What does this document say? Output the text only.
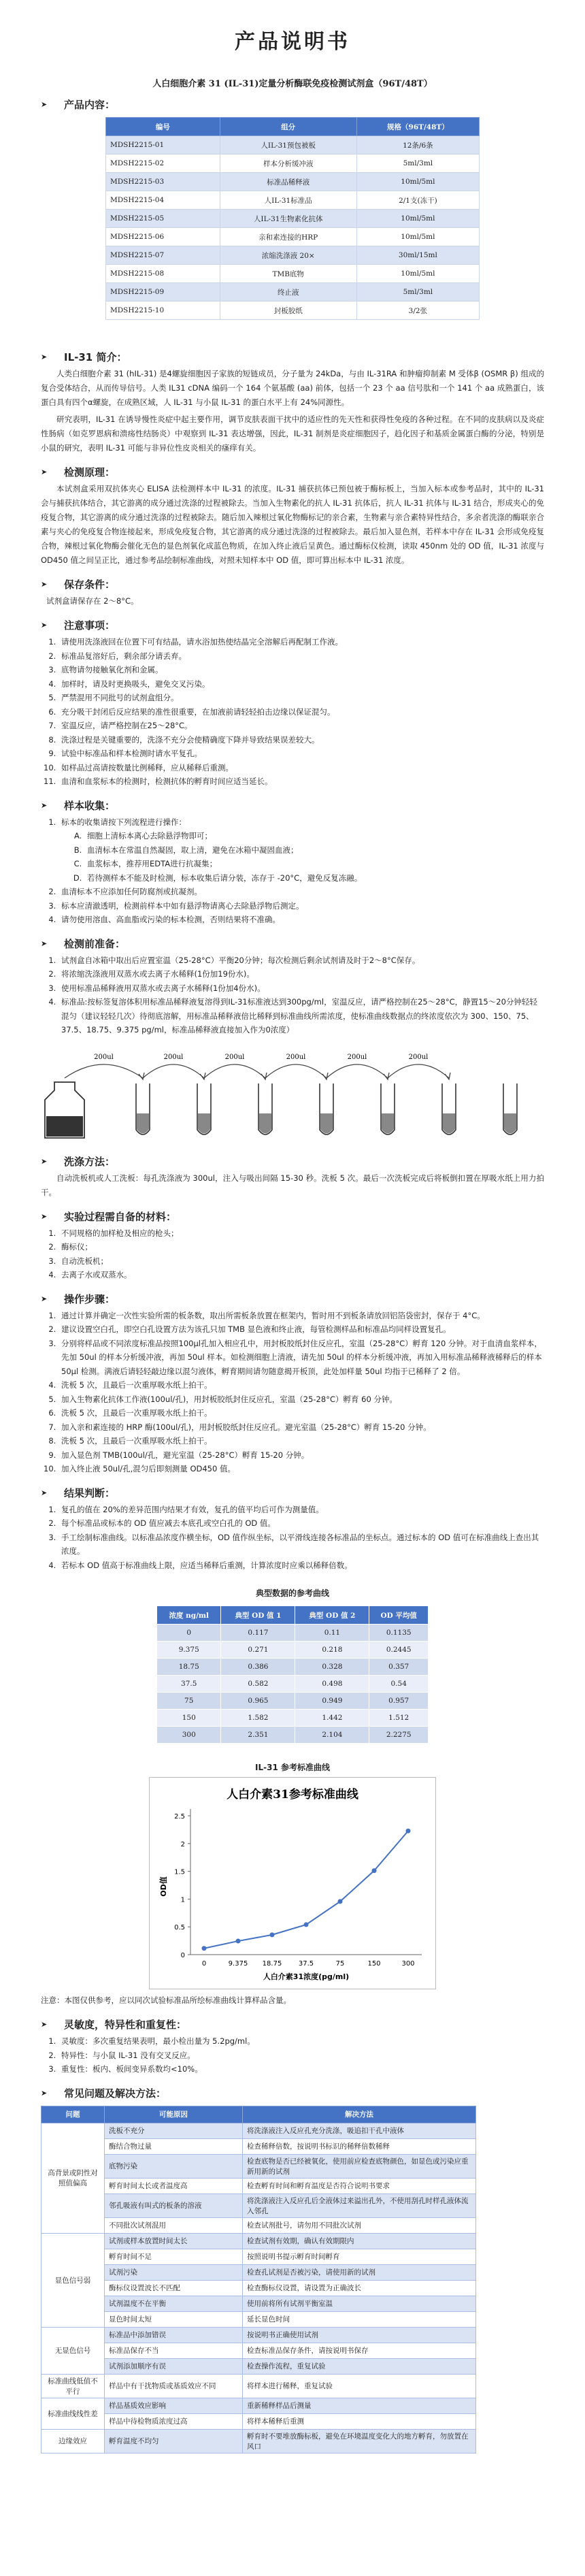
产品说明书
人白细胞介素 31 (IL-31)定量分析酶联免疫检测试剂盒（96T/48T）
➤	产品内容：
编号	组分	规格（96T/48T）
MDSH2215-01	人IL-31预包被板	12条/6条
MDSH2215-02	样本分析缓冲液	5ml/3ml
MDSH2215-03	标准品稀释液	10ml/5ml
MDSH2215-04	人IL-31标准品	2/1支(冻干)
MDSH2215-05	人IL-31生物素化抗体	10ml/5ml
MDSH2215-06	亲和素连接的HRP	10ml/5ml
MDSH2215-07	浓缩洗涤液 20×	30ml/15ml
MDSH2215-08	TMB底物	10ml/5ml
MDSH2215-09	终止液	5ml/3ml
MDSH2215-10	封板胶纸	3/2张
➤	IL-31 简介：

人类白细胞介素 31 (hIL-31) 是4螺旋细胞因子家族的短链成员，分子量为 24kDa，与由 IL-31RA 和肿瘤抑制素 M 受体β (OSMR β) 组成的复合受体结合，从而传导信号。人类 IL31 cDNA 编码一个 164 个氨基酸 (aa) 前体，包括一个 23 个 aa 信号肽和一个 141 个 aa 成熟蛋白，该蛋白具有四个α螺旋，在成熟区域，人 IL-31 与小鼠 IL-31 的蛋白水平上有 24%同源性。

研究表明，IL-31 在诱导慢性炎症中起主要作用，调节皮肤表面干扰中的适应性的先天性和获得性免疫的各种过程。在不同的皮肤病以及炎症性肠病（如克罗恩病和溃疡性结肠炎）中观察到 IL-31 表达增强，因此，IL-31 制剂是炎症细胞因子，趋化因子和基质金属蛋白酶的分泌，特别是小鼠的研究，表明 IL-31 可能与非异位性皮炎相关的瘙痒有关。

➤	检测原理：

本试剂盒采用双抗体夹心 ELISA 法检测样本中 IL-31 的浓度。IL-31 捕获抗体已预包被于酶标板上，当加入标本或参考品时，其中的 IL-31 会与捕获抗体结合，其它游离的成分通过洗涤的过程被除去。当加入生物素化的抗人 IL-31 抗体后，抗人 IL-31 抗体与 IL-31 结合，形成夹心的免疫复合物，其它游离的成分通过洗涤的过程被除去。随后加入辣根过氧化物酶标记的亲合素，生物素与亲合素特异性结合，多余者洗涤的酶联亲合素与夹心的免疫复合物连接起来，形成免疫复合物，其它游离的成分通过洗涤的过程被除去。最后加入显色剂，若样本中存在 IL-31 会形成免疫复合物，辣根过氧化物酶会催化无色的显色剂氧化成蓝色物质，在加入终止液后呈黄色。通过酶标仪检测，读取 450nm 处的 OD 值，IL-31 浓度与 OD450 值之间呈正比，通过参考品绘制标准曲线，对照未知样本中 OD 值，即可算出标本中 IL-31 浓度。

➤	保存条件：

试剂盒请保存在 2～8°C。

➤	注意事项：
1. 请使用洗涤液回在位置下可有结晶，请水浴加热使结晶完全溶解后再配制工作液。
2. 标准品复溶好后，剩余部分请丢弃。
3. 底物请勿接触氧化剂和金属。
4. 加样时，请及时更换吸头，避免交叉污染。
5. 严禁混用不同批号的试剂盒组分。
6. 充分吸干封闭后反应结果的准性很重要，在加液前请轻轻拍击边缘以保证混匀。
7. 室温反应，请严格控制在25～28°C。
8. 洗涤过程是关键重要的，洗涤不充分会使精确度下降并导致结果误差较大。
9. 试验中标准品和样本检测时请水平复孔。
10. 如样品过高请按数量比例稀释，应从稀释后重测。
11. 血清和血浆标本的检测时，检测抗体的孵育时间应适当延长。
➤	样本收集：
1. 标本的收集请按下列流程进行操作：
A. 细胞上清标本离心去除悬浮物即可；
B. 血清标本在常温自然凝固，取上清，避免在冰箱中凝固血液；
C. 血浆标本，推荐用EDTA进行抗凝集；
D. 若待测样本不能及时检测，标本收集后请分装，冻存于 -20°C，避免反复冻融。
2. 血清标本不应添加任何防腐剂或抗凝剂。
3. 标本应清澈透明，检测前样本中如有悬浮物请离心去除悬浮物后测定。
4. 请勿使用溶血、高血脂或污染的标本检测，否则结果将不准确。
➤	检测前准备：
1. 试剂盒自冰箱中取出后应置室温（25-28°C）平衡20分钟；每次检测后剩余试剂请及时于2～8°C保存。
2. 将浓缩洗涤液用双蒸水或去离子水稀释(1份加19份水)。
3. 使用标准品稀释液用双蒸水或去离子水稀释(1份加4份水)。
4. 标准品:按标签复溶体积用标准品稀释液复溶得到IL-31标准液达到300pg/ml，室温反应，请严格控制在25～28°C，静置15～20分钟轻轻混匀（建议轻轻几次）待彻底溶解，用标准品稀释液倍比稀释到标准曲线所需浓度，使标准曲线数据点的终浓度依次为 300、150、75、37.5、18.75、9.375 pg/ml，标准品稀释液直接加入作为0浓度）
200ul	200ul	200ul	200ul	200ul	200ul
➤	洗涤方法：

自动洗板机或人工洗板：每孔洗涤液为 300ul，注入与吸出间隔 15-30 秒。洗板 5 次。最后一次洗板完成后将板倒扣置在厚吸水纸上用力拍干。

➤	实验过程需自备的材料：
1. 不同规格的加样枪及相应的枪头；
2. 酶标仪；
3. 自动洗板机；
4. 去离子水或双蒸水。
➤	操作步骤：
1. 通过计算并确定一次性实验所需的板条数，取出所需板条放置在框架内，暂时用不到板条请放回铝箔袋密封，保存于 4°C。
2. 建议设置空白孔，即空白孔设置方法为该孔只加 TMB 显色液和终止液，每管检测样品和标准品均同样设置复孔。
3. 分别将样品或不同浓度标准品按照100μl孔加入相应孔中，用封板胶纸封住反应孔，室温（25-28°C）孵育 120 分钟。对于血清血浆样本，先加 50ul 的样本分析缓冲液，再加 50ul 样本。如检测细胞上清液，请先加 50ul 的样本分析缓冲液，再加入用标准品稀释液稀释后的样本 50μl 检测。满液后请轻轻敲边缘以混匀液体，孵育期间请勿随意揭开板顶，此处加样量 50ul 均指于已稀释了 2 倍。
4. 洗板 5 次，且最后一次重厚吸水纸上拍干。
5. 加入生物素化抗体工作液(100ul/孔)，用封板胶纸封住反应孔，室温（25-28°C）孵育 60 分钟。
6. 洗板 5 次，且最后一次重厚吸水纸上拍干。
7. 加入亲和素连接的 HRP 酶(100ul/孔)，用封板胶纸封住反应孔。避光室温（25-28°C）孵育 15-20 分钟。
8. 洗板 5 次，且最后一次重厚吸水纸上拍干。
9. 加入显色剂 TMB(100ul/孔，避光室温（25-28°C）孵育 15-20 分钟。
10. 加入终止液 50ul/孔,混匀后即刻测量 OD450 值。
➤	结果判断：
1. 复孔的值在 20%的差异范围内结果才有效，复孔的值平均后可作为测量值。
2. 每个标准品或标本的 OD 值应减去本底孔或空白孔的 OD 值。
3. 手工绘制标准曲线。以标准品浓度作横坐标，OD 值作纵坐标，以平滑线连接各标准品的坐标点。通过标本的 OD 值可在标准曲线上查出其浓度。
4. 若标本 OD 值高于标准曲线上限，应适当稀释后重测，计算浓度时应乘以稀释倍数。
典型数据的参考曲线
浓度 ng/ml	典型 OD 值 1	典型 OD 值 2	OD 平均值
0	0.117	0.11	0.1135
9.375	0.271	0.218	0.2445
18.75	0.386	0.328	0.357
37.5	0.582	0.498	0.54
75	0.965	0.949	0.957
150	1.582	1.442	1.512
300	2.351	2.104	2.2275
IL-31 参考标准曲线
人白介素31参考标准曲线
0
0.5
1
1.5
2
2.5
0	9.375 18.75 37.5	75	150	300
人白介素31浓度(pg/ml)
OD值

注意：本图仅供参考，应以同次试验标准品所绘标准曲线计算样品含量。

➤	灵敏度，特异性和重复性：
1. 灵敏度：多次重复结果表明，最小检出量为 5.2pg/ml。
2. 特异性：与小鼠 IL-31 没有交叉反应。
3. 重复性：板内、板间变异系数均<10%。
➤	常见问题及解决方法：
问题	可能原因	解决方法
高背景或阴性对照值偏高	洗板不充分	将洗涤液注入反应孔充分洗涤，吸追扣干孔中液体
	酶结合物过量	检查稀释倍数，按说明书标识的稀释倍数稀释
	底物污染	检查底物是否已经被氧化，使用前应检查底物颜色，如显色或污染应重新用新的试剂
	孵育时间太长或者温度高	检查孵育时间和孵育温度是否符合说明书要求
	邻孔吸液有叫式的板条的溶液	将洗涤液注入反应孔后全液体过来溢出孔外，不使用刮孔时样孔液体流入邻孔
	不同批次试剂混用	检查试剂批号，请勿用不同批次试剂
显色信号弱	试剂或样本放置时间太长	检查试剂有效期，确认有效期限内
	孵育时间不足	按照说明书提示孵育时间孵育
	试剂污染	检查孔试剂是否被污染，请使用新的试剂
	酶标仪设置波长不匹配	检查酶标仪设置，请设置为正确波长
	试剂温度不在平衡	使用前将所有试剂平衡室温
	显色时间太短	延长显色时间
无显色信号	标准品中添加错误	按说明书正确使用试剂
	标准品保存不当	检查标准品保存条件，请按说明书保存
	试剂添加顺序有误	检查操作流程，重复试验
标准曲线低值不平行	样品中有干扰物质或基质效应不同	将样本进行稀释，重复试验
标准曲线线性差	样品基质效应影响	重新稀释样品后测量
	样品中待检物质浓度过高	将样本稀释后重测
边缘效应	孵育温度不均匀	孵育时不要堆放酶标板，避免在环境温度变化大的地方孵育，勿放置在风口
